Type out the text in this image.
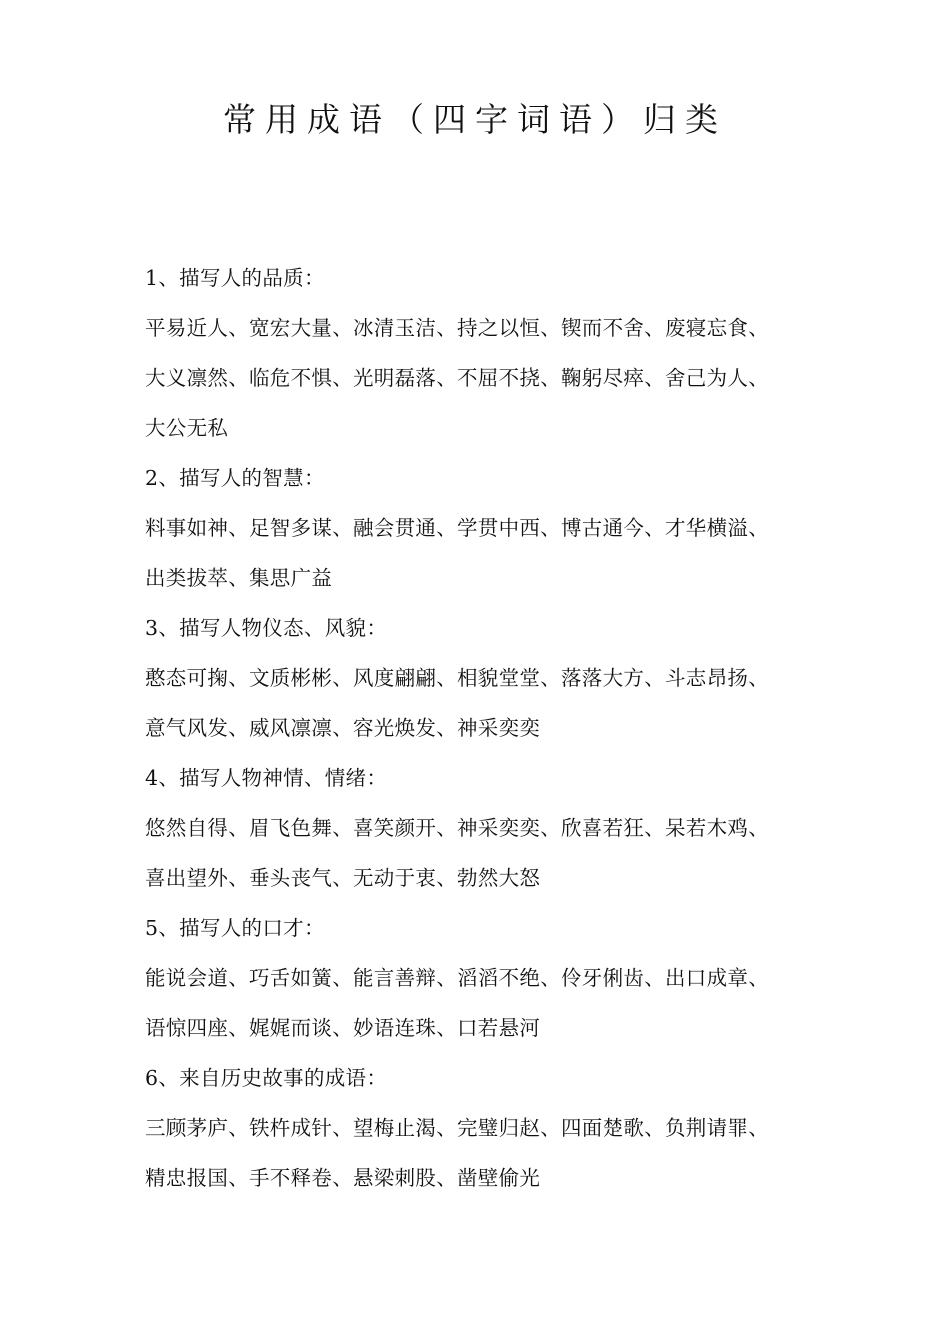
常用成语（四字词语）归类
1、描写人的品质：
平易近人、宽宏大量、冰清玉洁、持之以恒、锲而不舍、废寝忘食、
大义凛然、临危不惧、光明磊落、不屈不挠、鞠躬尽瘁、舍己为人、
大公无私
2、描写人的智慧：
料事如神、足智多谋、融会贯通、学贯中西、博古通今、才华横溢、
出类拔萃、集思广益
3、描写人物仪态、风貌：
憨态可掬、文质彬彬、风度翩翩、相貌堂堂、落落大方、斗志昂扬、
意气风发、威风凛凛、容光焕发、神采奕奕
4、描写人物神情、情绪：
悠然自得、眉飞色舞、喜笑颜开、神采奕奕、欣喜若狂、呆若木鸡、
喜出望外、垂头丧气、无动于衷、勃然大怒
5、描写人的口才：
能说会道、巧舌如簧、能言善辩、滔滔不绝、伶牙俐齿、出口成章、
语惊四座、娓娓而谈、妙语连珠、口若悬河
6、来自历史故事的成语：
三顾茅庐、铁杵成针、望梅止渴、完璧归赵、四面楚歌、负荆请罪、
精忠报国、手不释卷、悬梁刺股、凿壁偷光
